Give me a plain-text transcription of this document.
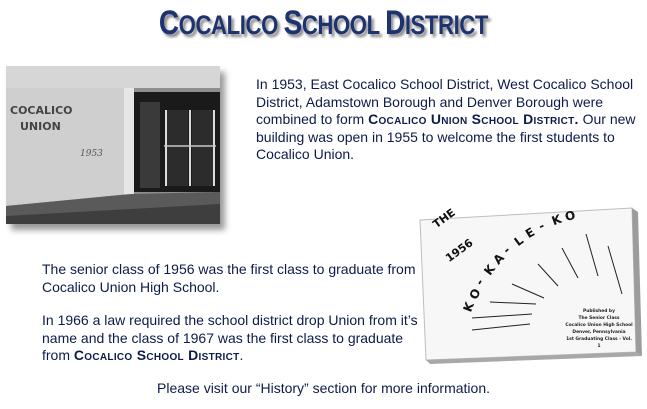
COCALICO SCHOOL DISTRICT
COCALICO
UNION
1953
In 1953, East Cocalico School District, West Cocalico School District, Adamstown Borough and Denver Borough were combined to form Cocalico Union School District. Our new building was open in 1955 to welcome the first students to Cocalico Union.
The senior class of 1956 was the first class to graduate from Cocalico Union High School.
In 1966 a law required the school district drop Union from it’s name and the class of 1967 was the first class to graduate from Cocalico School District.
THE
1956
K
O
-
K
A
-
L
E
- K O
Published by
The Senior Class
Cocalico Union High School
Denver, Pennsylvania
1st Graduating Class - Vol. 1
Please visit our “History” section for more information.
